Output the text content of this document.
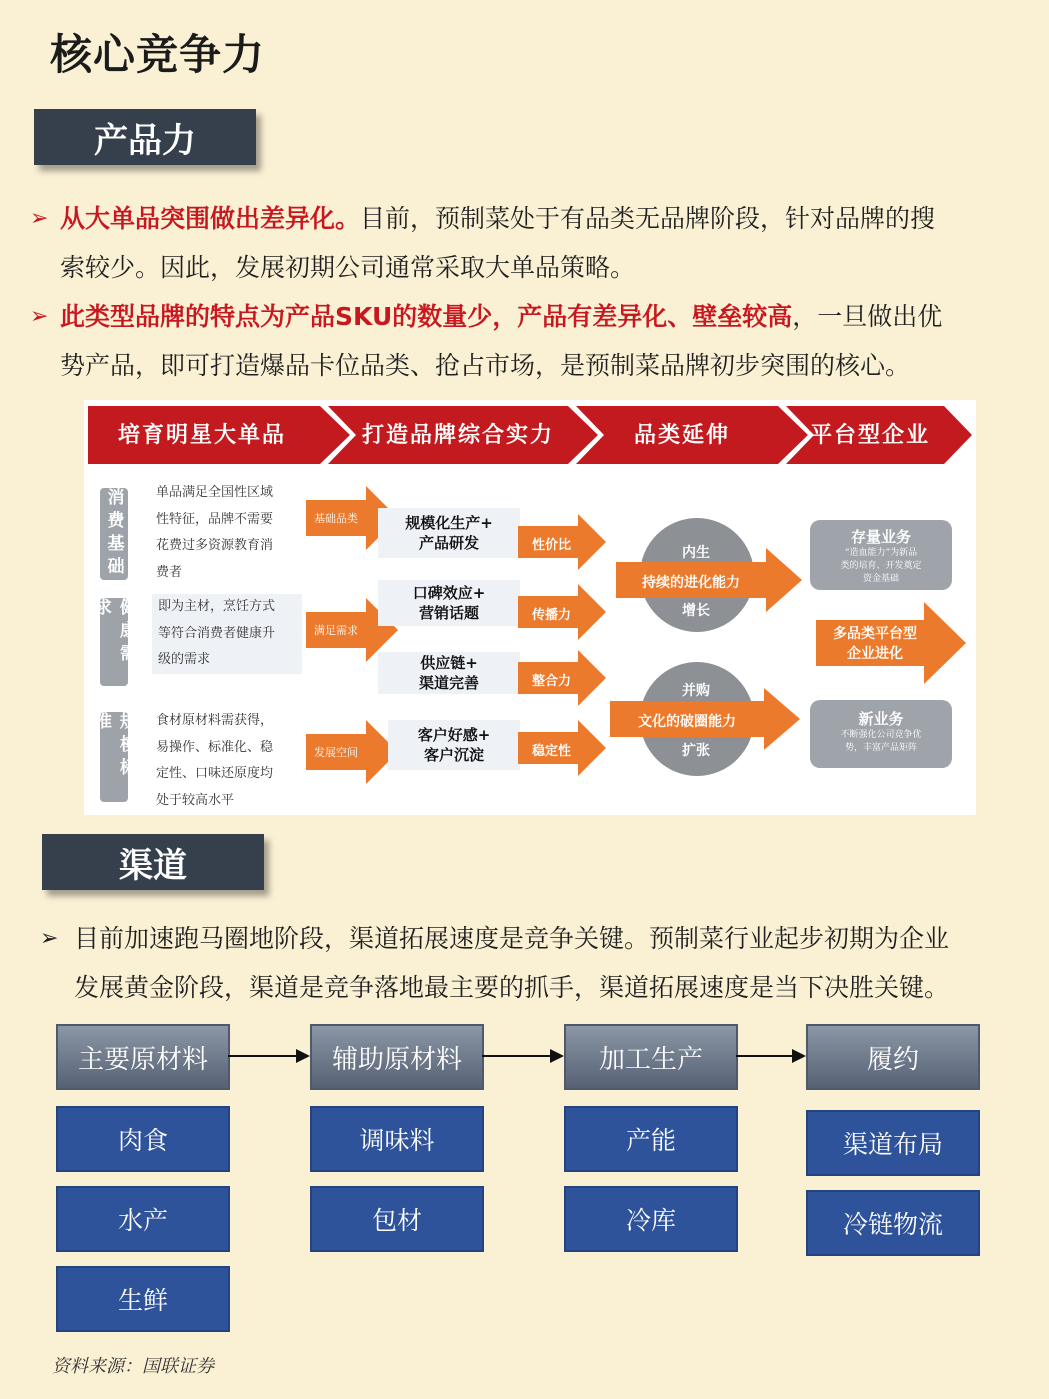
核心竞争力
产品力
➢ 从大单品突围做出差异化。目前，预制菜处于有品类无品牌阶段，针对品牌的搜
索较少。因此，发展初期公司通常采取大单品策略。
➢ 此类型品牌的特点为产品SKU的数量少，产品有差异化、壁垒较高，一旦做出优
势产品，即可打造爆品卡位品类、抢占市场，是预制菜品牌初步突围的核心。
培育明星大单品	打造品牌综合实力	品类延伸	平台型企业
消费基础
健康需求
规模标准
单品满足全国性区域
性特征，品牌不需要
花费过多资源教育消
费者
即为主材，烹饪方式
等符合消费者健康升
级的需求
食材原材料需获得，
易操作、标准化、稳
定性、口味还原度均
处于较高水平
基础品类
满足需求
发展空间
规模化生产+
产品研发
口碑效应+
营销话题
供应链+
渠道完善
客户好感+
客户沉淀
性价比
传播力
整合力
稳定性
内生
增长
持续的进化能力
并购
扩张
文化的破圈能力
存量业务
“造血能力”为新品
类的培育、开发奠定
资金基础
多品类平台型
企业进化
新业务
不断强化公司竞争优
势，丰富产品矩阵
渠道
➢ 目前加速跑马圈地阶段，渠道拓展速度是竞争关键。预制菜行业起步初期为企业
发展黄金阶段，渠道是竞争落地最主要的抓手，渠道拓展速度是当下决胜关键。
主要原材料	辅助原材料	加工生产	履约
肉食
水产
生鲜
调味料
包材
产能
冷库
渠道布局
冷链物流
资料来源：国联证券
